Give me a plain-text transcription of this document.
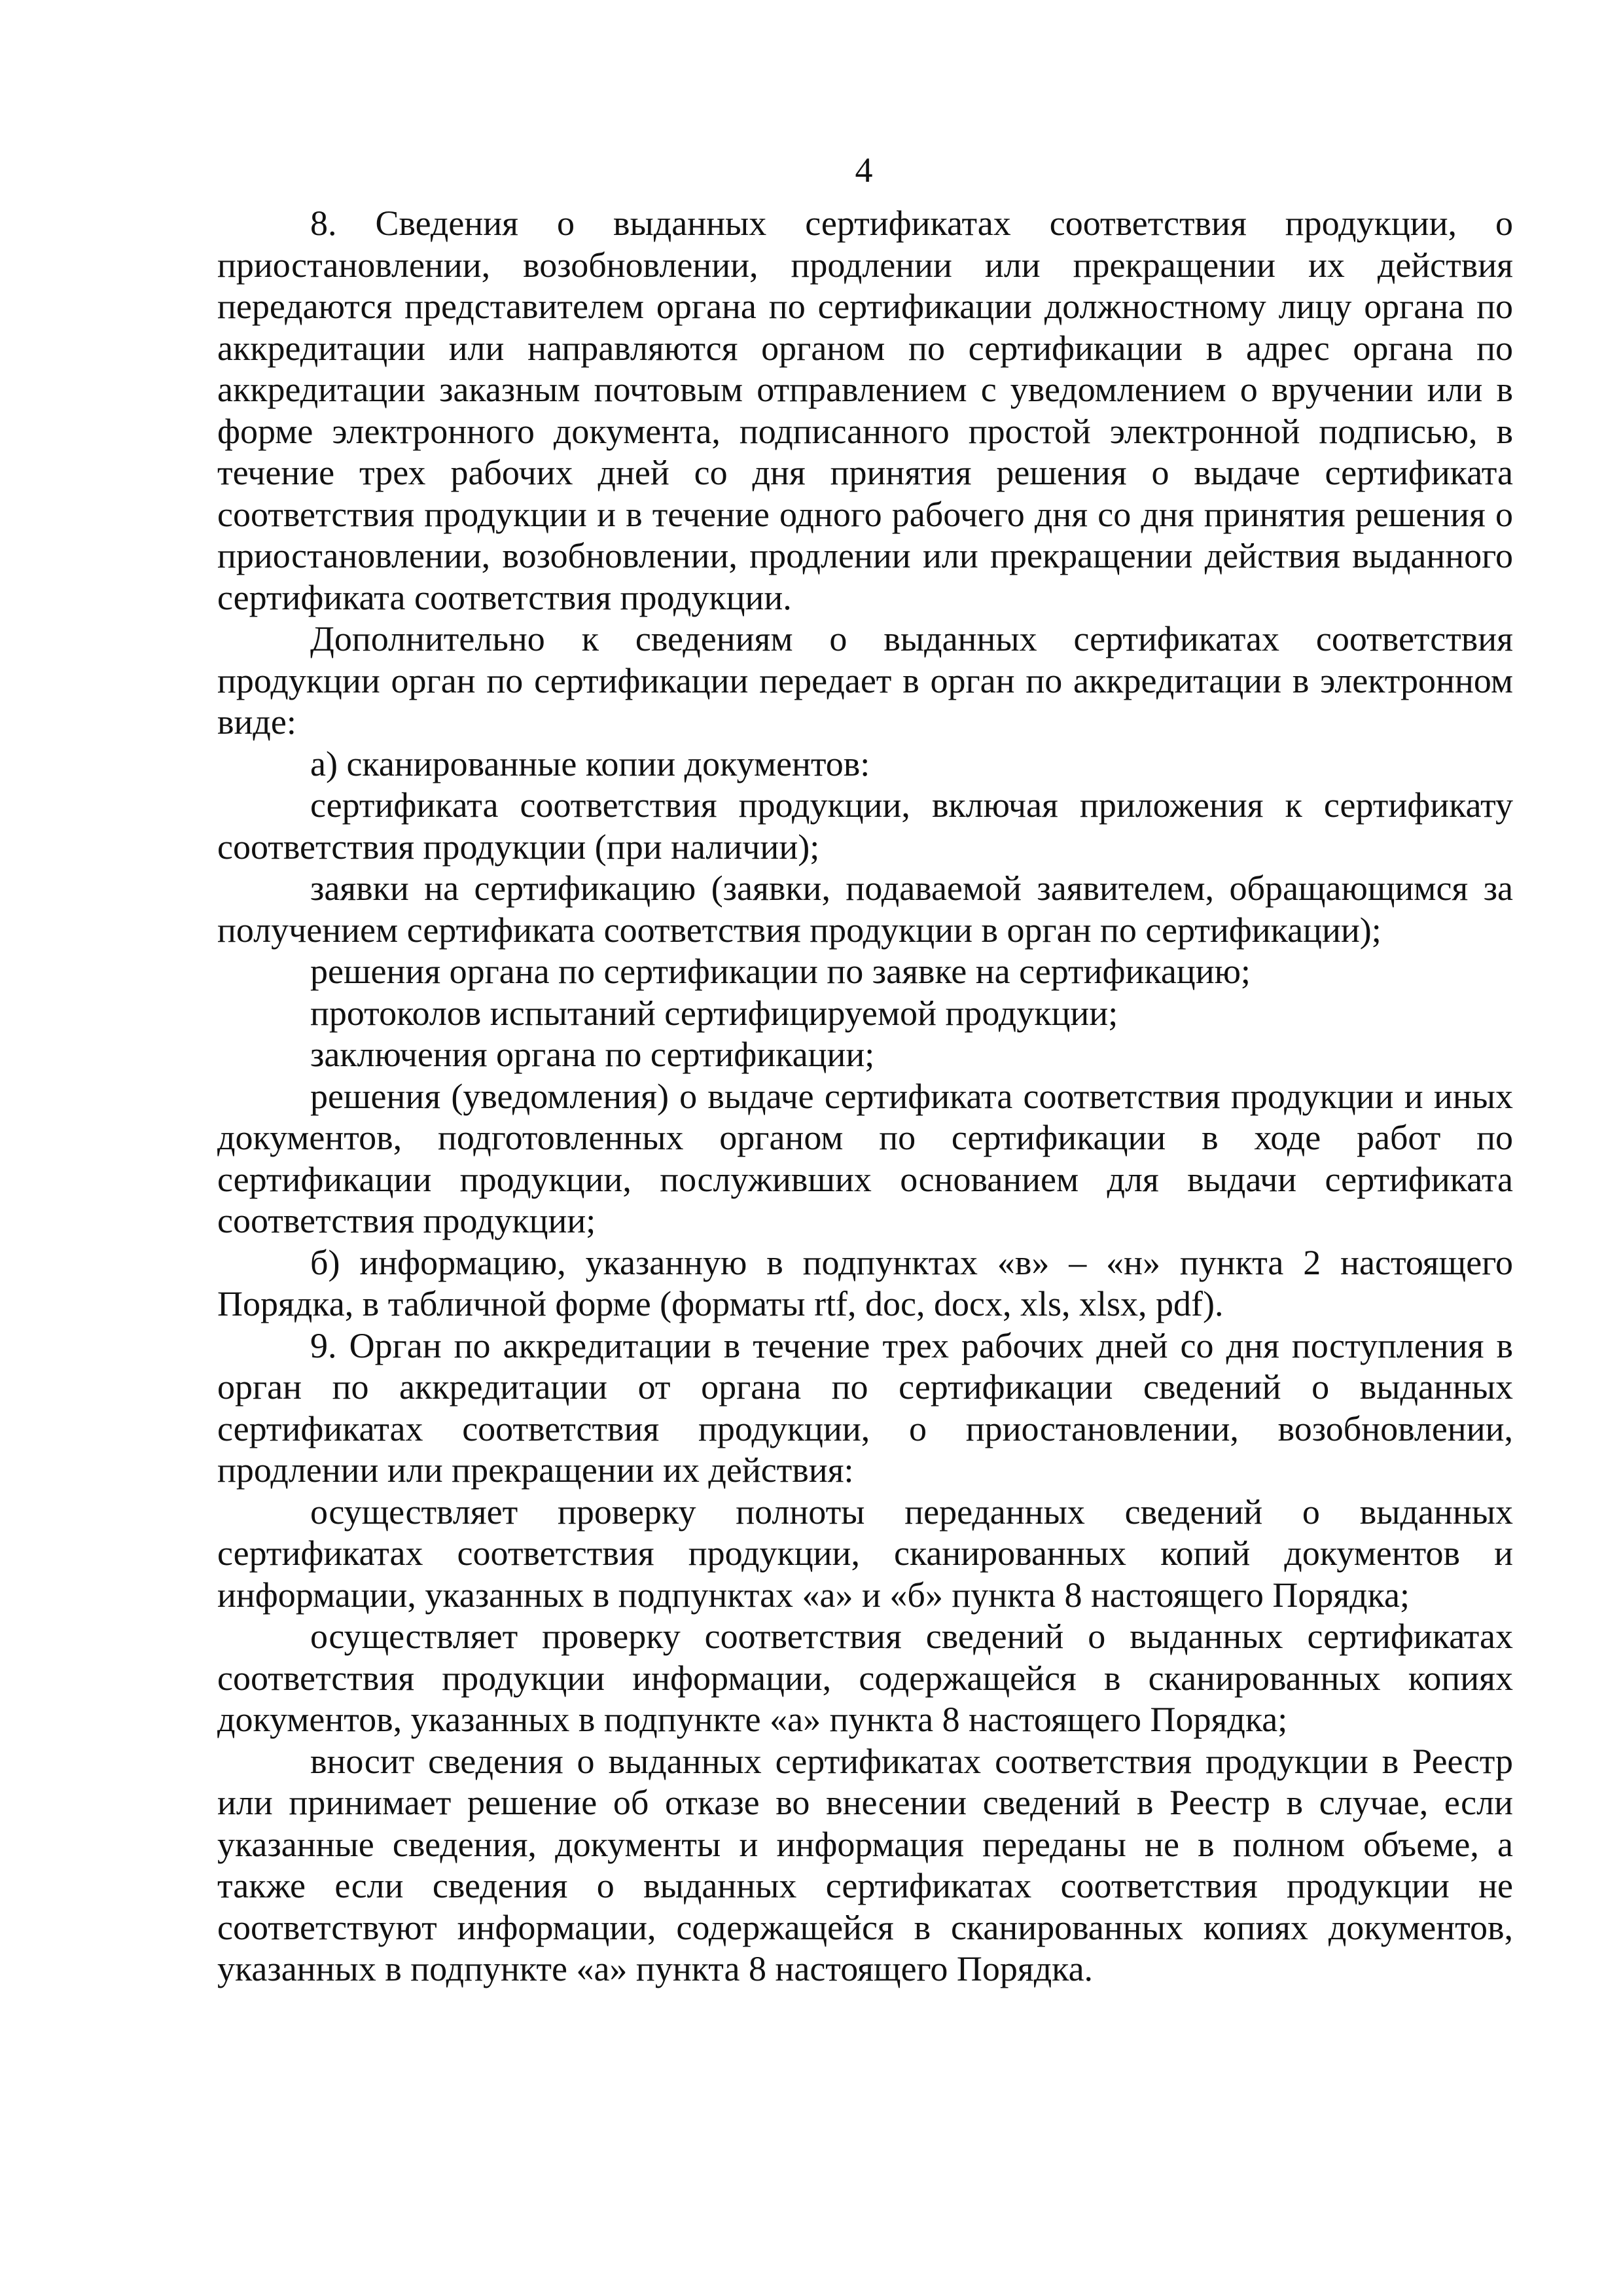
4

8. Сведения о выданных сертификатах соответствия продукции, о приостановлении, возобновлении, продлении или прекращении их действия передаются представителем органа по сертификации должностному лицу органа по аккредитации или направляются органом по сертификации в адрес органа по аккредитации заказным почтовым отправлением с уведомлением о вручении или в форме электронного документа, подписанного простой электронной подписью, в течение трех рабочих дней со дня принятия решения о выдаче сертификата соответствия продукции и в течение одного рабочего дня со дня принятия решения о приостановлении, возобновлении, продлении или прекращении действия выданного сертификата соответствия продукции.

Дополнительно к сведениям о выданных сертификатах соответствия продукции орган по сертификации передает в орган по аккредитации в электронном виде:

а) сканированные копии документов:

сертификата соответствия продукции, включая приложения к сертификату соответствия продукции (при наличии);

заявки на сертификацию (заявки, подаваемой заявителем, обращающимся за получением сертификата соответствия продукции в орган по сертификации);

решения органа по сертификации по заявке на сертификацию;

протоколов испытаний сертифицируемой продукции;

заключения органа по сертификации;

решения (уведомления) о выдаче сертификата соответствия продукции и иных документов, подготовленных органом по сертификации в ходе работ по сертификации продукции, послуживших основанием для выдачи сертификата соответствия продукции;

б) информацию, указанную в подпунктах «в» – «н» пункта 2 настоящего Порядка, в табличной форме (форматы rtf, doc, docx, xls, xlsx, pdf).

9. Орган по аккредитации в течение трех рабочих дней со дня поступления в орган по аккредитации от органа по сертификации сведений о выданных сертификатах соответствия продукции, о приостановлении, возобновлении, продлении или прекращении их действия:

осуществляет проверку полноты переданных сведений о выданных сертификатах соответствия продукции, сканированных копий документов и информации, указанных в подпунктах «а» и «б» пункта 8 настоящего Порядка;

осуществляет проверку соответствия сведений о выданных сертификатах соответствия продукции информации, содержащейся в сканированных копиях документов, указанных в подпункте «а» пункта 8 настоящего Порядка;

вносит сведения о выданных сертификатах соответствия продукции в Реестр или принимает решение об отказе во внесении сведений в Реестр в случае, если указанные сведения, документы и информация переданы не в полном объеме, а также если сведения о выданных сертификатах соответствия продукции не соответствуют информации, содержащейся в сканированных копиях документов, указанных в подпункте «а» пункта 8 настоящего Порядка.
